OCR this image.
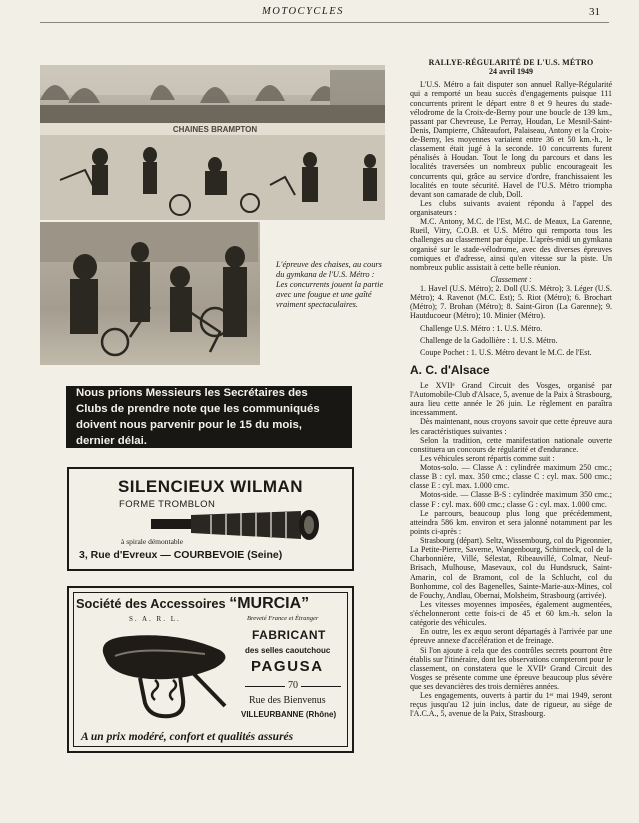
MOTOCYCLES	31
CHAINES BRAMPTON
L'épreuve des chaises, au cours du gymkana de l'U.S. Métro : Les concurrents jouent la partie avec une fougue et une gaîté vraiment spectaculaires.
Nous prions Messieurs les Secrétaires des Clubs de prendre note que les communiqués doivent nous parvenir pour le 15 du mois, dernier délai.
SILENCIEUX WILMAN
FORME TROMBLON
à spirale démontable
3, Rue d'Evreux — COURBEVOIE (Seine)
Société des Accessoires “MURCIA”
S. A. R. L.	Breveté France et Étranger
FABRICANT
des selles caoutchouc
PAGUSA
70
Rue des Bienvenus
VILLEURBANNE (Rhône)
A un prix modéré, confort et qualités assurés

RALLYE-RÉGULARITÉ DE L'U.S. MÉTRO

24 avril 1949

L'U.S. Métro a fait disputer son annuel Rallye-Régularité qui a remporté un beau succès d'engagements puisque 111 concurrents prirent le départ entre 8 et 9 heures du stade-vélodrome de la Croix-de-Berny pour une boucle de 139 km., passant par Chevreuse, Le Perray, Houdan, Le Mesnil-Saint-Denis, Dampierre, Châteaufort, Palaiseau, Antony et la Croix-de-Berny, les moyennes variaient entre 36 et 50 km.-h., le classement était jugé à la seconde. 10 concurrents furent pénalisés à Houdan. Tout le long du parcours et dans les localités traversées un nombreux public encourageait les concurrents qui, grâce au service d'ordre, franchissaient les localités en toute sécurité. Havel de l'U.S. Métro triompha devant son camarade de club, Doll.

Les clubs suivants avaient répondu à l'appel des organisateurs :

M.C. Antony, M.C. de l'Est, M.C. de Meaux, La Garenne, Rueil, Vitry, C.O.B. et U.S. Métro qui remporta tous les challenges au classement par équipe. L'après-midi un gymkana organisé sur le stade-vélodrome, avec des diverses épreuves comiques et d'adresse, ainsi qu'en vitesse sur la piste. Un nombreux public assistait à cette belle réunion.

Classement :

1. Havel (U.S. Métro); 2. Doll (U.S. Métro); 3. Léger (U.S. Métro); 4. Ravenot (M.C. Est); 5. Riot (Métro); 6. Brochart (Métro); 7. Brohan (Métro); 8. Saint-Giron (La Garenne); 9. Hautducoeur (Métro); 10. Minier (Métro).

Challenge U.S. Métro : 1. U.S. Métro.

Challenge de la Gadollière : 1. U.S. Métro.

Coupe Pochet : 1. U.S. Métro devant le M.C. de l'Est.

A. C. d'Alsace

Le XVIIᵉ Grand Circuit des Vosges, organisé par l'Automobile-Club d'Alsace, 5, avenue de la Paix à Strasbourg, aura lieu cette année le 26 juin. Le règlement en paraîtra incessamment.

Dès maintenant, nous croyons savoir que cette épreuve aura les caractéristiques suivantes :

Selon la tradition, cette manifestation nationale ouverte constituera un concours de régularité et d'endurance.

Les véhicules seront répartis comme suit :

Motos-solo. — Classe A : cylindrée maximum 250 cmc.; classe B : cyl. max. 350 cmc.; classe C : cyl. max. 500 cmc.; classe E : cyl. max. 1.000 cmc.

Motos-side. — Classe B-S : cylindrée maximum 350 cmc.; classe F : cyl. max. 600 cmc.; classe G : cyl. max. 1.000 cmc.

Le parcours, beaucoup plus long que précédemment, atteindra 586 km. environ et sera jalonné notamment par les points ci-après :

Strasbourg (départ). Seltz, Wissembourg, col du Pigeonnier, La Petite-Pierre, Saverne, Wangenbourg, Schirmeck, col de la Charbonnière, Villé, Sélestat, Ribeauvillé, Colmar, Neuf-Brisach, Mulhouse, Masevaux, col du Hundsruck, Saint-Amarin, col de Bramont, col de la Schlucht, col du Bonhomme, col des Bagenelles, Sainte-Marie-aux-Mines, col de Fouchy, Andlau, Obernai, Molsheim, Strasbourg (arrivée).

Les vitesses moyennes imposées, également augmentées, s'échelonneront cette fois-ci de 45 et 60 km.-h. selon la catégorie des véhicules.

En outre, les ex æquo seront départagés à l'arrivée par une épreuve annexe d'accélération et de freinage.

Si l'on ajoute à cela que des contrôles secrets pourront être établis sur l'itinéraire, dont les observations compteront pour le classement, on constatera que le XVIIᵉ Grand Circuit des Vosges se présente comme une épreuve beaucoup plus sévère que ses devancières des trois dernières années.

Les engagements, ouverts à partir du 1ᵉʳ mai 1949, seront reçus jusqu'au 12 juin inclus, date de rigueur, au siège de l'A.C.A., 5, avenue de la Paix, Strasbourg.
